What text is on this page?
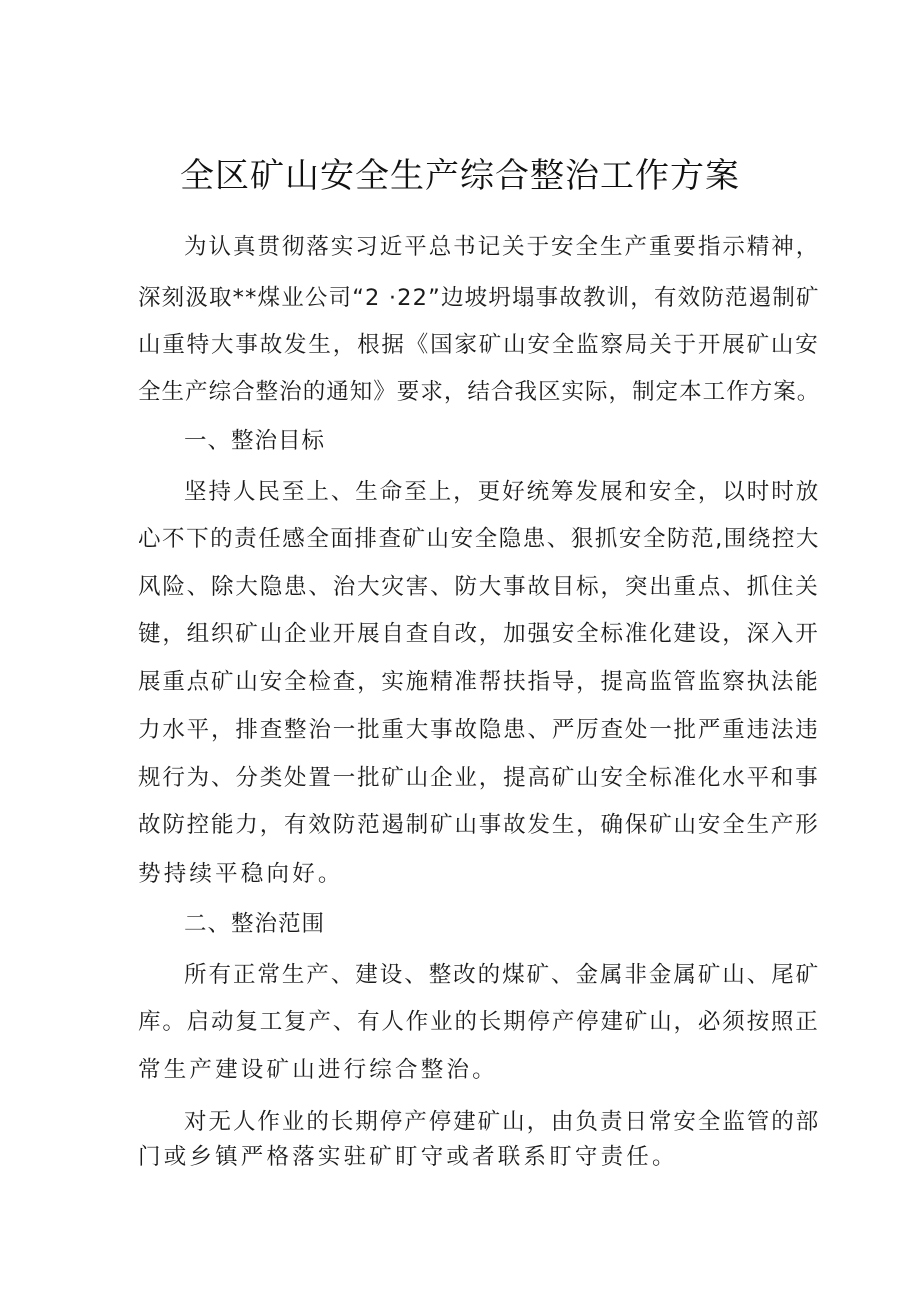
全区矿山安全生产综合整治工作方案
为认真贯彻落实习近平总书记关于安全生产重要指示精神，
深刻汲取**煤业公司“2 ·22”边坡坍塌事故教训，有效防范遏制矿
山重特大事故发生，根据《国家矿山安全监察局关于开展矿山安
全生产综合整治的通知》要求，结合我区实际，制定本工作方案。
一、整治目标
坚持人民至上、生命至上，更好统筹发展和安全，以时时放
心不下的责任感全面排查矿山安全隐患、狠抓安全防范,围绕控大
风险、除大隐患、治大灾害、防大事故目标，突出重点、抓住关
键，组织矿山企业开展自查自改，加强安全标准化建设，深入开
展重点矿山安全检查，实施精准帮扶指导，提高监管监察执法能
力水平，排查整治一批重大事故隐患、严厉查处一批严重违法违
规行为、分类处置一批矿山企业，提高矿山安全标准化水平和事
故防控能力，有效防范遏制矿山事故发生，确保矿山安全生产形
势持续平稳向好。
二、整治范围
所有正常生产、建设、整改的煤矿、金属非金属矿山、尾矿
库。启动复工复产、有人作业的长期停产停建矿山，必须按照正
常生产建设矿山进行综合整治。
对无人作业的长期停产停建矿山，由负责日常安全监管的部
门或乡镇严格落实驻矿盯守或者联系盯守责任。
